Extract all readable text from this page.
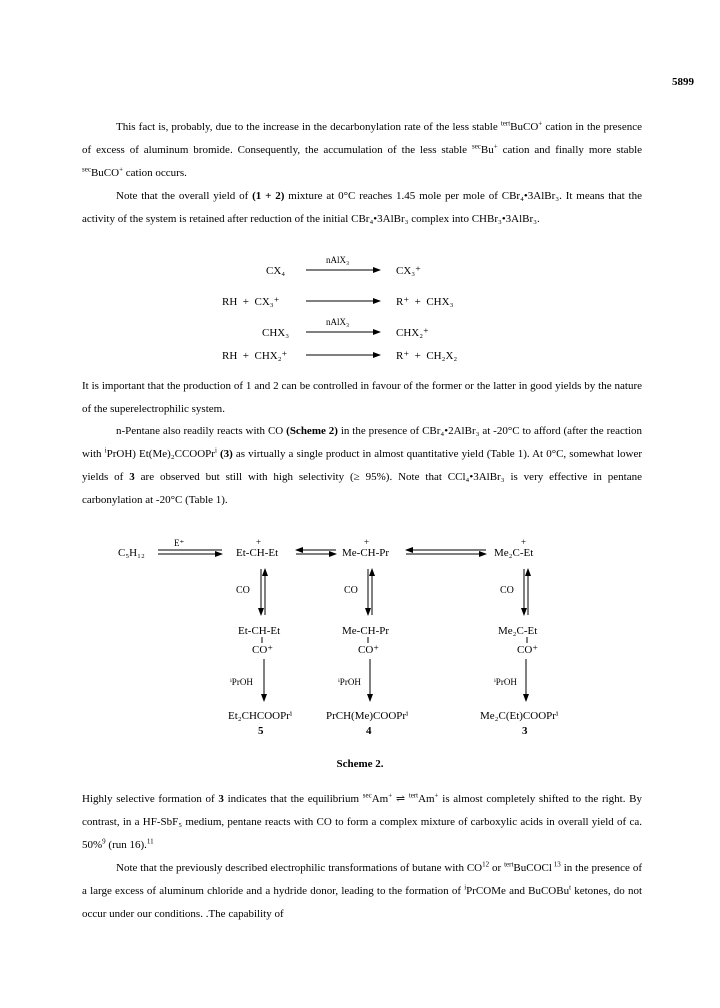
5899

This fact is, probably, due to the increase in the decarbonylation rate of the less stable $^{tert}$BuCO+ cation in the presence of excess of aluminum bromide. Consequently, the accumulation of the less stable $^{sec}$Bu+ cation and finally more stable $^{sec}$BuCO+ cation occurs.

Note that the overall yield of (1 + 2) mixture at 0°C reaches 1.45 mole per mole of CBr₄•3AlBr₃. It means that the activity of the system is retained after reduction of the initial CBr₄•3AlBr₃ complex into CHBr₃•3AlBr₃.

CX₄
nAlX₃
CX₃⁺
RH  +  CX₃⁺	R⁺  +  CHX₃
CHX₃
nAlX₃
CHX₂⁺
RH  +  CHX₂⁺	R⁺  +  CH₂X₂

It is important that the production of 1 and 2 can be controlled in favour of the former or the latter in good yields by the nature of the superelectrophilic system.

n-Pentane also readily reacts with CO (Scheme 2) in the presence of CBr₄•2AlBr₃ at -20°C to afford (after the reaction with $^i$PrOH) Et(Me)₂CCOOPr$^i$ (3) as virtually a single product in almost quantitative yield (Table 1). At 0°C, somewhat lower yields of 3 are observed but still with high selectivity (≥ 95%). Note that CCl₄•3AlBr₃ is very effective in pentane carbonylation at -20°C (Table 1).

C₅H₁₂
E⁺	+
Et-CH-Et
+
Me-CH-Pr
+
Me₂C-Et
CO	CO	CO
Et-CH-Et
CO⁺
Me-CH-Pr
CO⁺
Me₂C-Et
CO⁺
ⁱPrOH	ⁱPrOH	ⁱPrOH
Et₂CHCOOPrⁱ
5
PrCH(Me)COOPrⁱ
4
Me₂C(Et)COOPrⁱ
3
Scheme 2.

Highly selective formation of 3 indicates that the equilibrium $^{sec}$Am+ ⇌ $^{tert}$Am+ is almost completely shifted to the right. By contrast, in a HF-SbF₅ medium, pentane reacts with CO to form a complex mixture of carboxylic acids in overall yield of ca. 50%$^9$ (run 16).$^{11}$

Note that the previously described electrophilic transformations of butane with CO$^{12}$ or $^{tert}$BuCOCl $^{13}$ in the presence of a large excess of aluminum chloride and a hydride donor, leading to the formation of $^i$PrCOMe and BuCOBu$^t$ ketones, do not occur under our conditions. .The capability of
